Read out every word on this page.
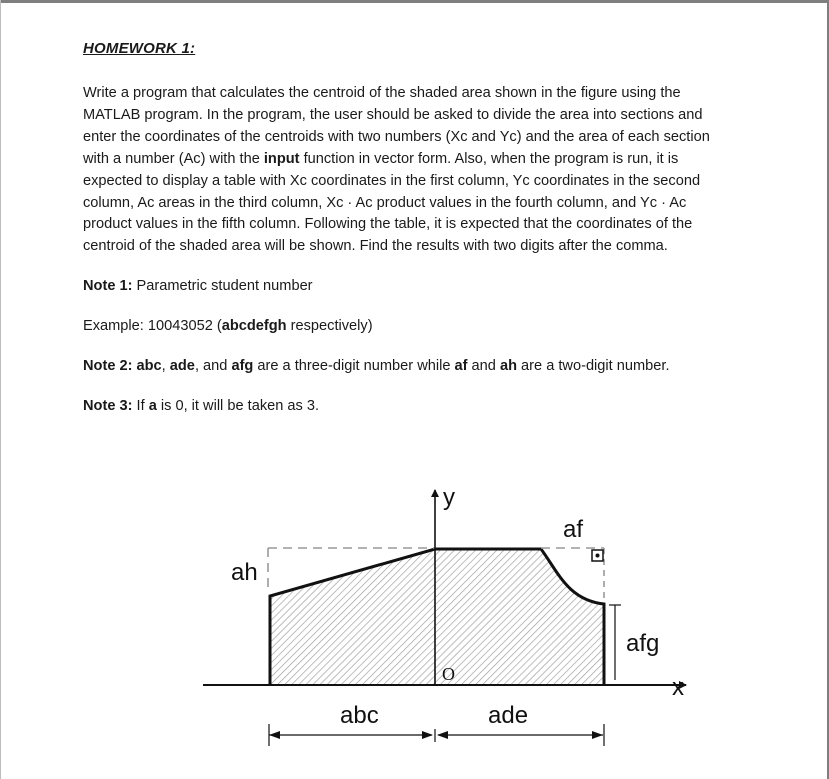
HOMEWORK 1:
Write a program that calculates the centroid of the shaded area shown in the figure using the
MATLAB program. In the program, the user should be asked to divide the area into sections and
enter the coordinates of the centroids with two numbers (Xc and Yc) and the area of each section
with a number (Ac) with the input function in vector form. Also, when the program is run, it is
expected to display a table with Xc coordinates in the first column, Yc coordinates in the second
column, Ac areas in the third column, Xc · Ac product values in the fourth column, and Yc · Ac
product values in the fifth column. Following the table, it is expected that the coordinates of the
centroid of the shaded area will be shown. Find the results with two digits after the comma.
Note 1: Parametric student number
Example: 10043052 (abcdefgh respectively)
Note 2: abc, ade, and afg are a three-digit number while af and ah are a two-digit number.
Note 3: If a is 0, it will be taken as 3.
y
x
O
ah
af
afg
abc	ade
